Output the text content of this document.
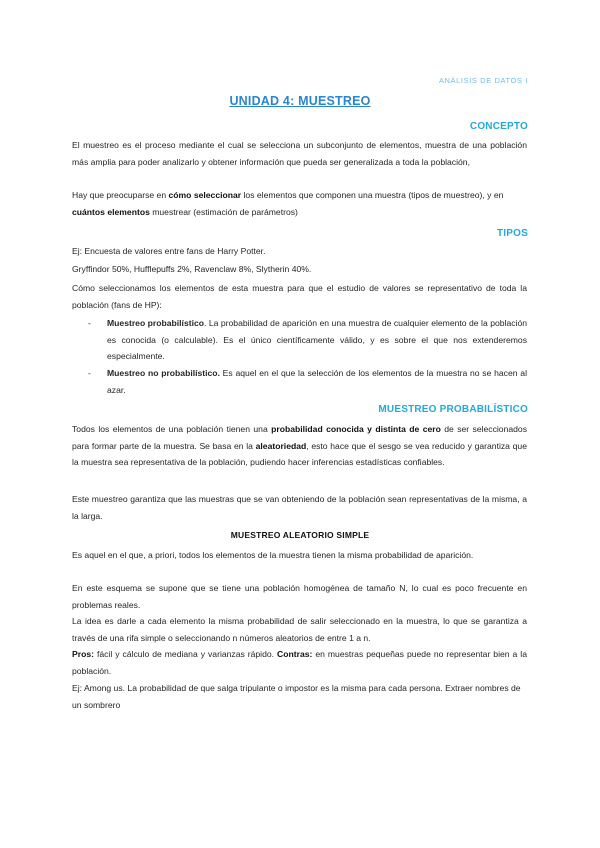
ANÁLISIS DE DATOS I
UNIDAD 4: MUESTREO
CONCEPTO
El muestreo es el proceso mediante el cual se selecciona un subconjunto de elementos, muestra de una población más amplia para poder analizarlo y obtener información que pueda ser generalizada a toda la población,
Hay que preocuparse en cómo seleccionar los elementos que componen una muestra (tipos de muestreo), y en cuántos elementos muestrear (estimación de parámetros)
TIPOS
Ej: Encuesta de valores entre fans de Harry Potter.
Gryffindor 50%, Hufflepuffs 2%, Ravenclaw 8%, Slytherin 40%.
Cómo seleccionamos los elementos de esta muestra para que el estudio de valores se representativo de toda la población (fans de HP):
- Muestreo probabilístico. La probabilidad de aparición en una muestra de cualquier elemento de la población es conocida (o calculable). Es el único científicamente válido, y es sobre el que nos extenderemos especialmente.
- Muestreo no probabilístico. Es aquel en el que la selección de los elementos de la muestra no se hacen al azar.
MUESTREO PROBABILÍSTICO
Todos los elementos de una población tienen una probabilidad conocida y distinta de cero de ser seleccionados para formar parte de la muestra. Se basa en la aleatoriedad, esto hace que el sesgo se vea reducido y garantiza que la muestra sea representativa de la población, pudiendo hacer inferencias estadísticas confiables.
Este muestreo garantiza que las muestras que se van obteniendo de la población sean representativas de la misma, a la larga.
MUESTREO ALEATORIO SIMPLE
Es aquel en el que, a priori, todos los elementos de la muestra tienen la misma probabilidad de aparición.
En este esquema se supone que se tiene una población homogénea de tamaño N, lo cual es poco frecuente en problemas reales.
La idea es darle a cada elemento la misma probabilidad de salir seleccionado en la muestra, lo que se garantiza a través de una rifa simple o seleccionando n números aleatorios de entre 1 a n.
Pros: fácil y cálculo de mediana y varianzas rápido. Contras: en muestras pequeñas puede no representar bien a la población.
Ej: Among us. La probabilidad de que salga tripulante o impostor es la misma para cada persona. Extraer nombres de un sombrero
